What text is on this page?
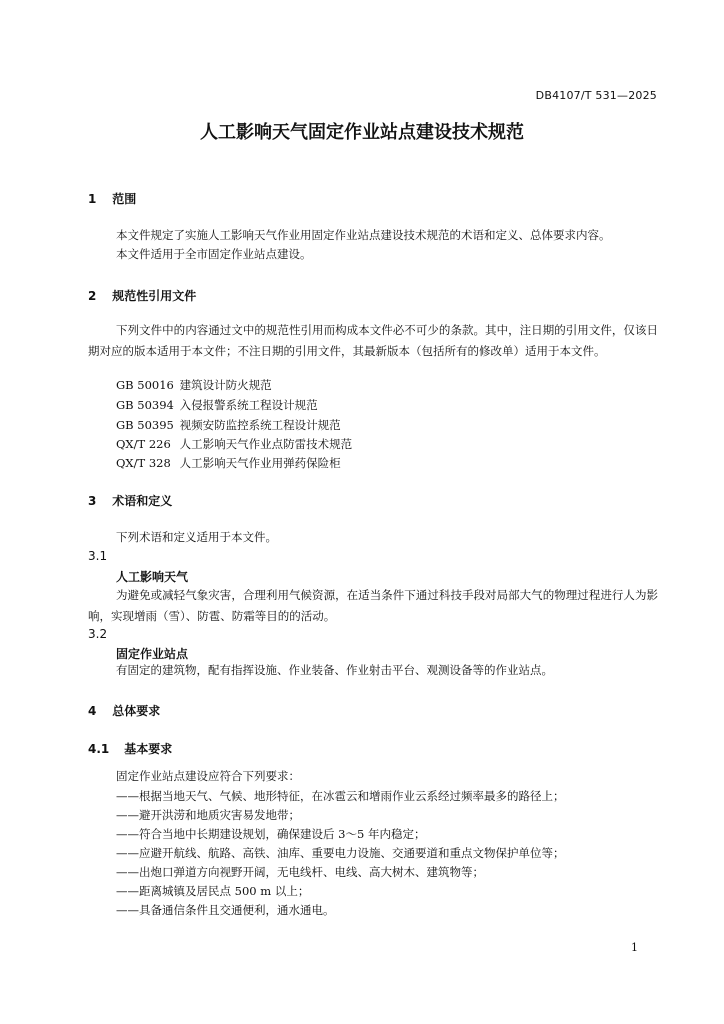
DB4107/T 531—2025
人工影响天气固定作业站点建设技术规范
1 范围
本文件规定了实施人工影响天气作业用固定作业站点建设技术规范的术语和定义、总体要求内容。
本文件适用于全市固定作业站点建设。
2 规范性引用文件
下列文件中的内容通过文中的规范性引用而构成本文件必不可少的条款。其中，注日期的引用文件，仅该日期对应的版本适用于本文件；不注日期的引用文件，其最新版本（包括所有的修改单）适用于本文件。
GB 50016 建筑设计防火规范
GB 50394 入侵报警系统工程设计规范
GB 50395 视频安防监控系统工程设计规范
QX/T 226 人工影响天气作业点防雷技术规范
QX/T 328 人工影响天气作业用弹药保险柜
3 术语和定义
下列术语和定义适用于本文件。
3.1
人工影响天气
为避免或减轻气象灾害，合理利用气候资源，在适当条件下通过科技手段对局部大气的物理过程进行人为影响，实现增雨（雪）、防雹、防霜等目的的活动。
3.2
固定作业站点
有固定的建筑物，配有指挥设施、作业装备、作业射击平台、观测设备等的作业站点。
4 总体要求
4.1 基本要求
固定作业站点建设应符合下列要求：
——根据当地天气、气候、地形特征，在冰雹云和增雨作业云系经过频率最多的路径上；
——避开洪涝和地质灾害易发地带；
——符合当地中长期建设规划，确保建设后 3～5 年内稳定；
——应避开航线、航路、高铁、油库、重要电力设施、交通要道和重点文物保护单位等；
——出炮口弹道方向视野开阔，无电线杆、电线、高大树木、建筑物等；
——距离城镇及居民点 500 m 以上；
——具备通信条件且交通便利，通水通电。
1
